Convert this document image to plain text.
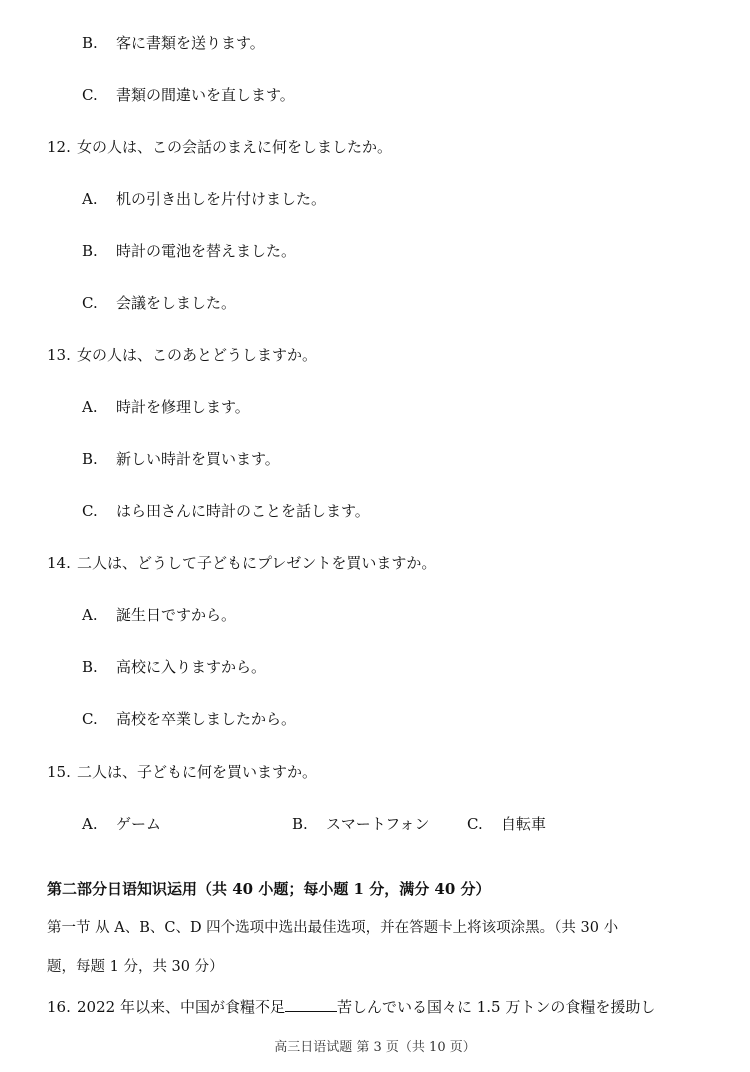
B. 客に書類を送ります。
C. 書類の間違いを直します。
12. 女の人は、この会話のまえに何をしましたか。
A. 机の引き出しを片付けました。
B. 時計の電池を替えました。
C. 会議をしました。
13. 女の人は、このあとどうしますか。
A. 時計を修理します。
B. 新しい時計を買います。
C. はら田さんに時計のことを話します。
14. 二人は、どうして子どもにプレゼントを買いますか。
A. 誕生日ですから。
B. 高校に入りますから。
C. 高校を卒業しましたから。
15. 二人は、子どもに何を買いますか。
A. ゲーム	B. スマートフォン C. 自転車
第二部分日语知识运用（共 40 小题；每小题 1 分，满分 40 分）
第一节 从 A、B、C、D 四个选项中选出最佳选项，并在答题卡上将该项涂黑。（共 30 小
题，每题 1 分，共 30 分）
16. 2022 年以来、中国が食糧不足	苦しんでいる国々に 1.5 万トンの食糧を援助し
高三日语试题 第 3 页（共 10 页）
